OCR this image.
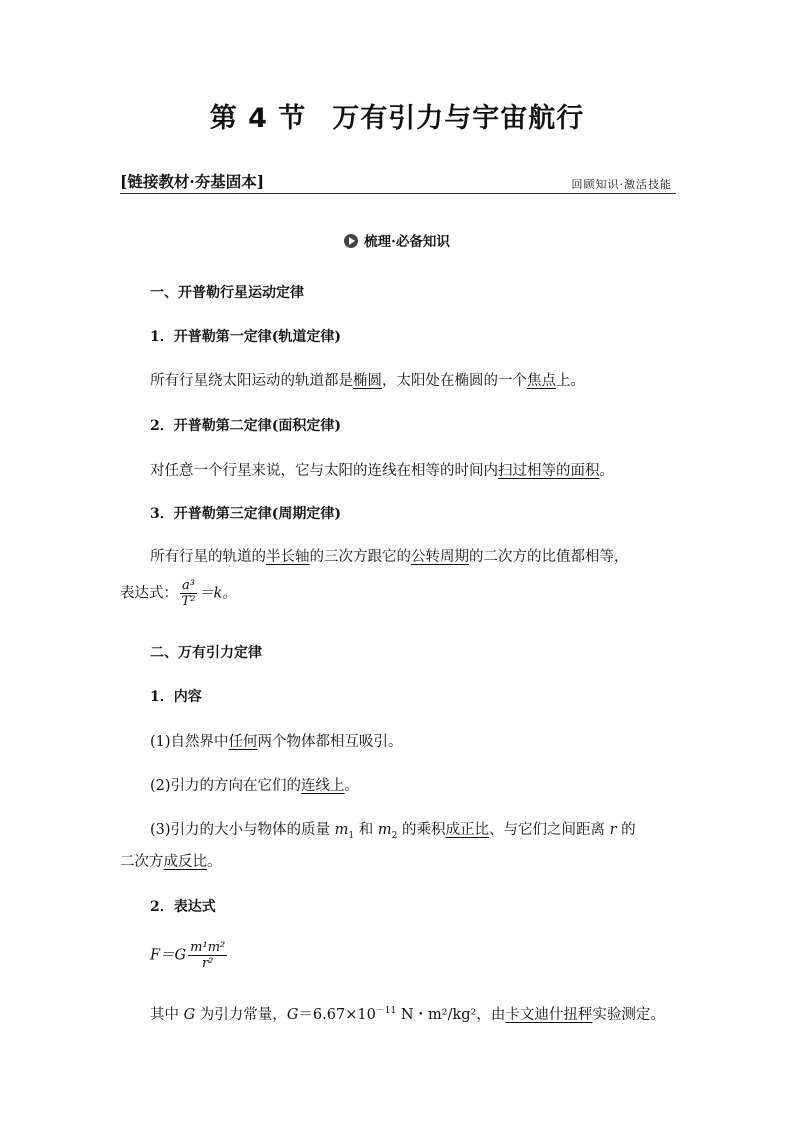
第 4 节 万有引力与宇宙航行
[链接教材·夯基固本]	回顾知识·激活技能
梳理·必备知识
一、开普勒行星运动定律
1．开普勒第一定律(轨道定律)
所有行星绕太阳运动的轨道都是椭圆，太阳处在椭圆的一个焦点上。
2．开普勒第二定律(面积定律)
对任意一个行星来说，它与太阳的连线在相等的时间内扫过相等的面积。
3．开普勒第三定律(周期定律)
所有行星的轨道的半长轴的三次方跟它的公转周期的二次方的比值都相等，
表达式： $\frac{\text{a³}}{\text{T²}} =k$。
二、万有引力定律
1．内容
(1)自然界中任何两个物体都相互吸引。
(2)引力的方向在它们的连线上。
(3)引力的大小与物体的质量 $m_1$ 和 $m_2$ 的乘积成正比、与它们之间距离 r 的
二次方成反比。
2．表达式
$F=G \frac{\text{m¹m²}}{\text{r²}}$
其中 G 为引力常量，$G=6.67\times 10^{-11}$ N・m²/kg²，由卡文迪什扭秤实验测定。
